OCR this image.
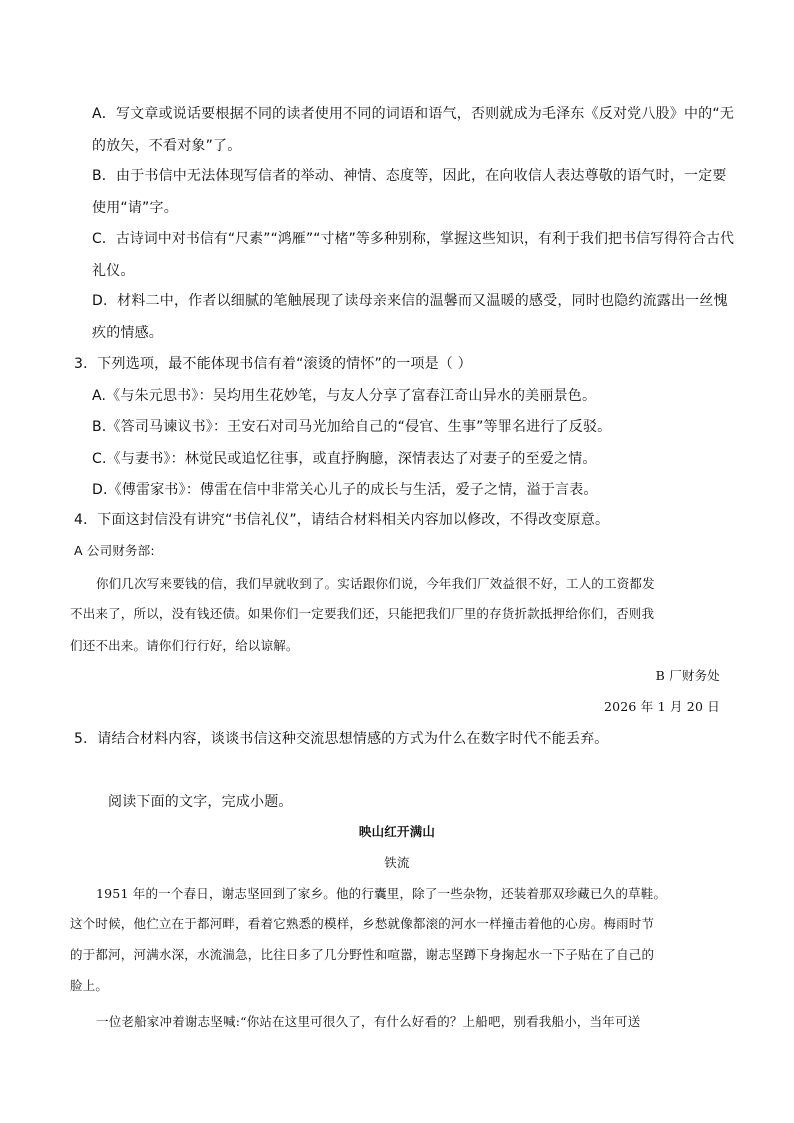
A．写文章或说话要根据不同的读者使用不同的词语和语气，否则就成为毛泽东《反对党八股》中的“无
的放矢，不看对象”了。
B．由于书信中无法体现写信者的举动、神情、态度等，因此，在向收信人表达尊敬的语气时，一定要
使用“请”字。
C．古诗词中对书信有“尺素”“鸿雁”“寸楮”等多种别称，掌握这些知识，有利于我们把书信写得符合古代
礼仪。
D．材料二中，作者以细腻的笔触展现了读母亲来信的温馨而又温暖的感受，同时也隐约流露出一丝愧
疚的情感。
3．下列选项，最不能体现书信有着“滚烫的情怀”的一项是（ ）
A.《与朱元思书》：吴均用生花妙笔，与友人分享了富春江奇山异水的美丽景色。
B.《答司马谏议书》：王安石对司马光加给自己的“侵官、生事”等罪名进行了反驳。
C.《与妻书》：林觉民或追忆往事，或直抒胸臆，深情表达了对妻子的至爱之情。
D.《傅雷家书》：傅雷在信中非常关心儿子的成长与生活，爱子之情，溢于言表。
4．下面这封信没有讲究“书信礼仪”，请结合材料相关内容加以修改，不得改变原意。
A 公司财务部:
你们几次写来要钱的信，我们早就收到了。实话跟你们说，今年我们厂效益很不好，工人的工资都发
不出来了，所以，没有钱还债。如果你们一定要我们还，只能把我们厂里的存货折款抵押给你们，否则我
们还不出来。请你们行行好，给以谅解。
B 厂财务处
2026 年 1 月 20 日
5．请结合材料内容，谈谈书信这种交流思想情感的方式为什么在数字时代不能丢弃。
阅读下面的文字，完成小题。
映山红开满山
铁流
1951 年的一个春日，谢志坚回到了家乡。他的行囊里，除了一些杂物，还装着那双珍藏已久的草鞋。
这个时候，他伫立在于都河畔，看着它熟悉的模样，乡愁就像都滚的河水一样撞击着他的心房。梅雨时节
的于都河，河满水深，水流湍急，比往日多了几分野性和喧嚣，谢志坚蹲下身掬起水一下子贴在了自己的
脸上。
一位老船家冲着谢志坚喊:“你站在这里可很久了，有什么好看的？上船吧，别看我船小，当年可送
